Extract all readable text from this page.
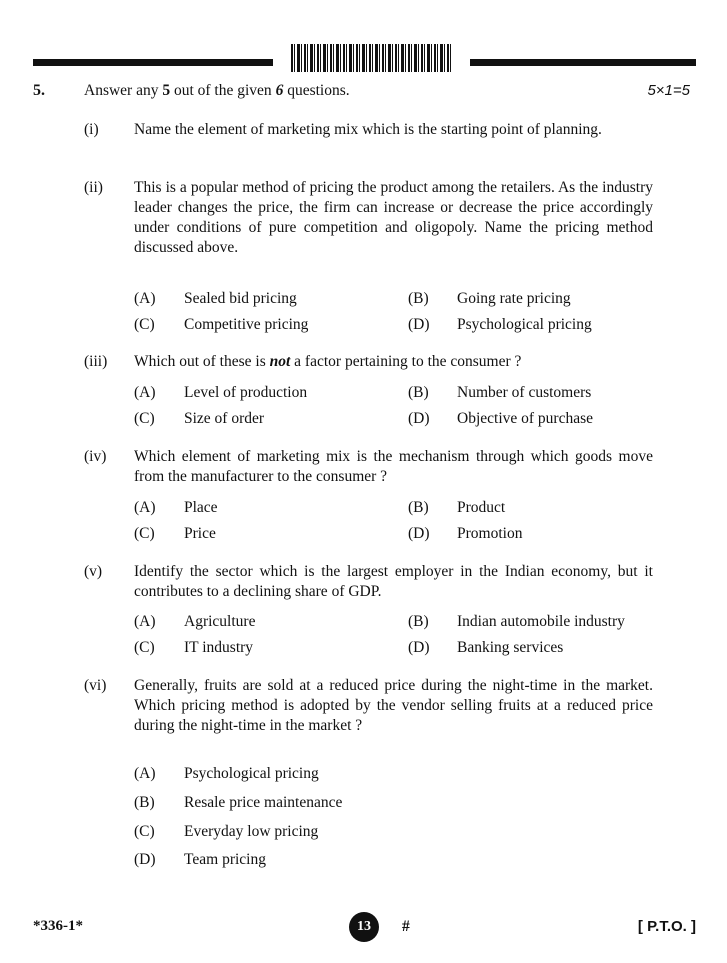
5.	Answer any 5 out of the given 6 questions.	5×1=5
(i) Name the element of marketing mix which is the starting point of planning.
(ii) This is a popular method of pricing the product among the retailers. As the industry leader changes the price, the firm can increase or decrease the price accordingly under conditions of pure competition and oligopoly. Name the pricing method discussed above.
(A) Sealed bid pricing	(B) Going rate pricing
(C) Competitive pricing	(D) Psychological pricing
(iii) Which out of these is not a factor pertaining to the consumer ?
(A) Level of production	(B) Number of customers
(C) Size of order	(D) Objective of purchase
(iv) Which element of marketing mix is the mechanism through which goods move from the manufacturer to the consumer ?
(A) Place	(B) Product
(C) Price	(D) Promotion
(v) Identify the sector which is the largest employer in the Indian economy, but it contributes to a declining share of GDP.
(A) Agriculture	(B) Indian automobile industry
(C) IT industry	(D) Banking services
(vi) Generally, fruits are sold at a reduced price during the night-time in the market. Which pricing method is adopted by the vendor selling fruits at a reduced price during the night-time in the market ?
(A) Psychological pricing
(B) Resale price maintenance
(C) Everyday low pricing
(D) Team pricing
*336-1*	13	#	[ P.T.O. ]
